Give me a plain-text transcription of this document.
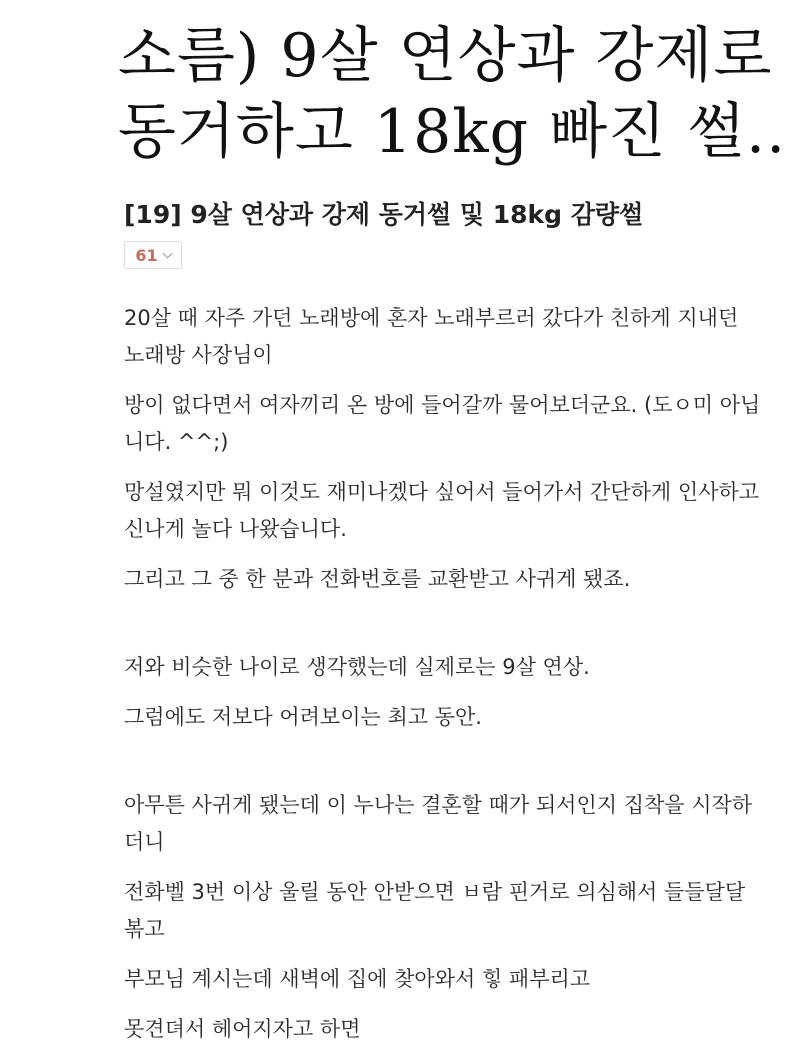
소름) 9살 연상과 강제로
동거하고 18kg 빠진 썰..
[19] 9살 연상과 강제 동거썰 및 18kg 감량썰
61

20살 때 자주 가던 노래방에 혼자 노래부르러 갔다가 친하게 지내던 노래방 사장님이

방이 없다면서 여자끼리 온 방에 들어갈까 물어보더군요. (도ㅇ미 아닙니다. ^^;)

망설였지만 뭐 이것도 재미나겠다 싶어서 들어가서 간단하게 인사하고 신나게 놀다 나왔습니다.

그리고 그 중 한 분과 전화번호를 교환받고 사귀게 됐죠.

저와 비슷한 나이로 생각했는데 실제로는 9살 연상.

그럼에도 저보다 어려보이는 최고 동안.

아무튼 사귀게 됐는데 이 누나는 결혼할 때가 되서인지 집착을 시작하더니

전화벨 3번 이상 울릴 동안 안받으면 ㅂ람 핀거로 의심해서 들들달달 볶고

부모님 계시는데 새벽에 집에 찾아와서 힣 패부리고

못견뎌서 헤어지자고 하면
